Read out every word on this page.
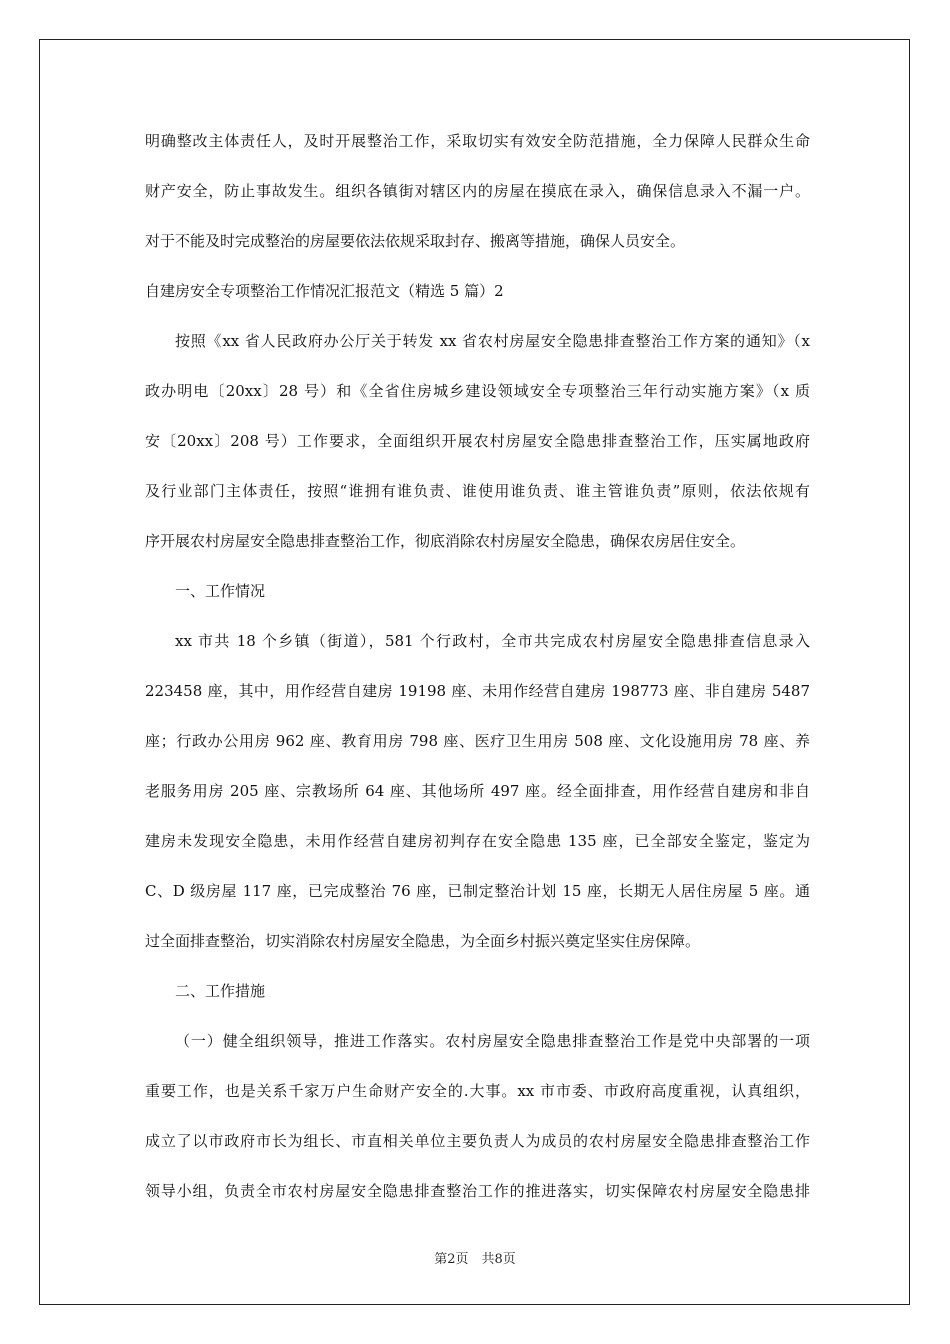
明确整改主体责任人，及时开展整治工作，采取切实有效安全防范措施，全力保障人民群众生命
财产安全，防止事故发生。组织各镇街对辖区内的房屋在摸底在录入，确保信息录入不漏一户。
对于不能及时完成整治的房屋要依法依规采取封存、搬离等措施，确保人员安全。
自建房安全专项整治工作情况汇报范文（精选 5 篇）2
按照《xx 省人民政府办公厅关于转发 xx 省农村房屋安全隐患排查整治工作方案的通知》（x
政办明电〔20xx〕28 号）和《全省住房城乡建设领域安全专项整治三年行动实施方案》（x 质
安〔20xx〕208 号）工作要求，全面组织开展农村房屋安全隐患排查整治工作，压实属地政府
及行业部门主体责任，按照“谁拥有谁负责、谁使用谁负责、谁主管谁负责”原则，依法依规有
序开展农村房屋安全隐患排查整治工作，彻底消除农村房屋安全隐患，确保农房居住安全。
一、工作情况
xx 市共 18 个乡镇（街道），581 个行政村，全市共完成农村房屋安全隐患排查信息录入
223458 座，其中，用作经营自建房 19198 座、未用作经营自建房 198773 座、非自建房 5487
座；行政办公用房 962 座、教育用房 798 座、医疗卫生用房 508 座、文化设施用房 78 座、养
老服务用房 205 座、宗教场所 64 座、其他场所 497 座。经全面排查，用作经营自建房和非自
建房未发现安全隐患，未用作经营自建房初判存在安全隐患 135 座，已全部安全鉴定，鉴定为
C、D 级房屋 117 座，已完成整治 76 座，已制定整治计划 15 座，长期无人居住房屋 5 座。通
过全面排查整治，切实消除农村房屋安全隐患，为全面乡村振兴奠定坚实住房保障。
二、工作措施
（一）健全组织领导，推进工作落实。农村房屋安全隐患排查整治工作是党中央部署的一项
重要工作，也是关系千家万户生命财产安全的.大事。xx 市市委、市政府高度重视，认真组织，
成立了以市政府市长为组长、市直相关单位主要负责人为成员的农村房屋安全隐患排查整治工作
领导小组，负责全市农村房屋安全隐患排查整治工作的推进落实，切实保障农村房屋安全隐患排
第2页　共8页
